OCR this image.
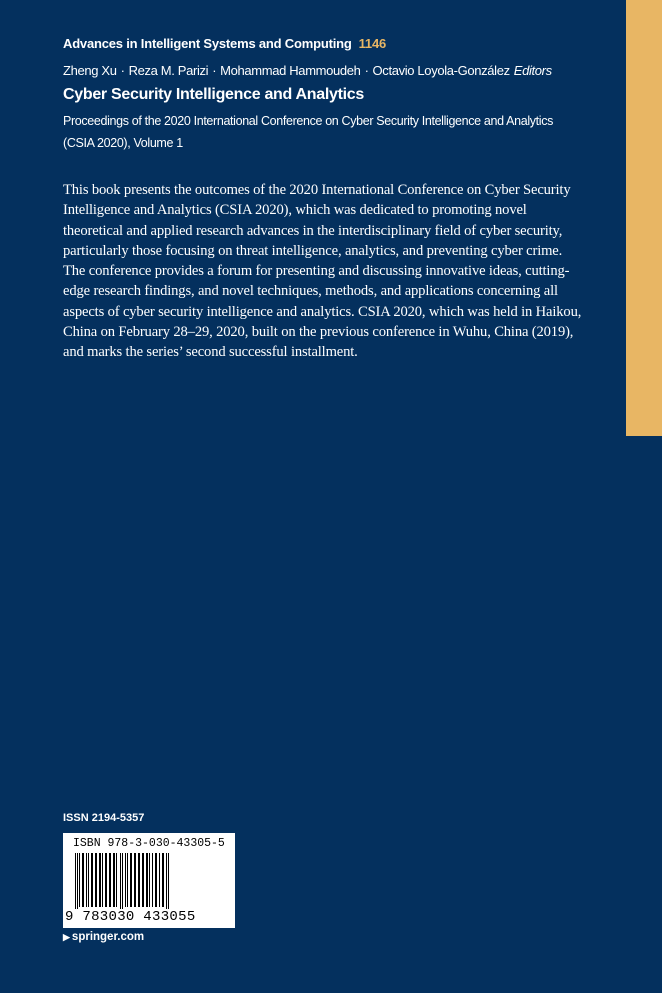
Advances in Intelligent Systems and Computing 1146
Zheng Xu · Reza M. Parizi · Mohammad Hammoudeh · Octavio Loyola-González Editors
Cyber Security Intelligence and Analytics
Proceedings of the 2020 International Conference on Cyber Security Intelligence and Analytics (CSIA 2020), Volume 1
This book presents the outcomes of the 2020 International Conference on Cyber Security Intelligence and Analytics (CSIA 2020), which was dedicated to promoting novel theoretical and applied research advances in the interdisciplinary field of cyber security, particularly those focusing on threat intelligence, analytics, and preventing cyber crime. The conference provides a forum for presenting and discussing innovative ideas, cutting-edge research findings, and novel techniques, methods, and applications concerning all aspects of cyber security intelligence and analytics. CSIA 2020, which was held in Haikou, China on February 28–29, 2020, built on the previous conference in Wuhu, China (2019), and marks the series’ second successful installment.
ISSN 2194-5357
ISBN 978-3-030-43305-5
9 783030 433055
▶ springer.com
